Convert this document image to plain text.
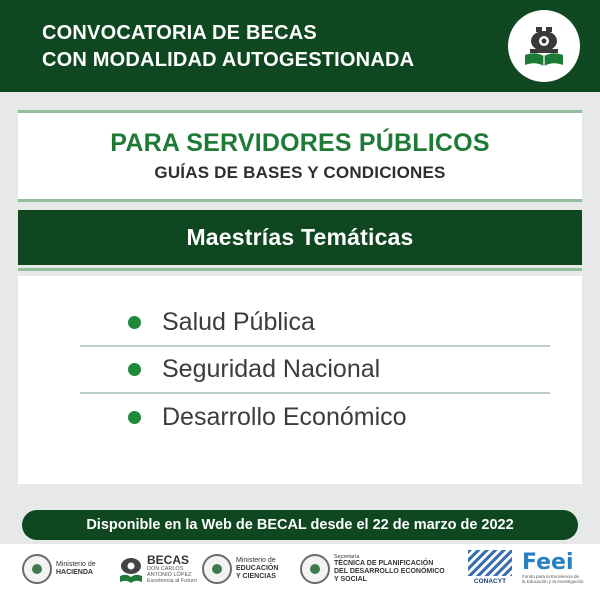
CONVOCATORIA DE BECAS
CON MODALIDAD AUTOGESTIONADA
PARA SERVIDORES PÚBLICOS
GUÍAS DE BASES Y CONDICIONES
Maestrías Temáticas
Salud Pública
Seguridad Nacional
Desarrollo Económico
Disponible en la Web de BECAL desde el 22 de marzo de 2022
Ministerio de
HACIENDA
BECAS
DON CARLOS
ANTONIO LÓPEZ
Excelencia al Futuro
Ministerio de
EDUCACIÓN
Y CIENCIAS
Secretaría
TÉCNICA DE PLANIFICACIÓN
DEL DESARROLLO ECONÓMICO
Y SOCIAL	CONACYT
Feei
Fondo para la Excelencia de
la Educación y la Investigación
